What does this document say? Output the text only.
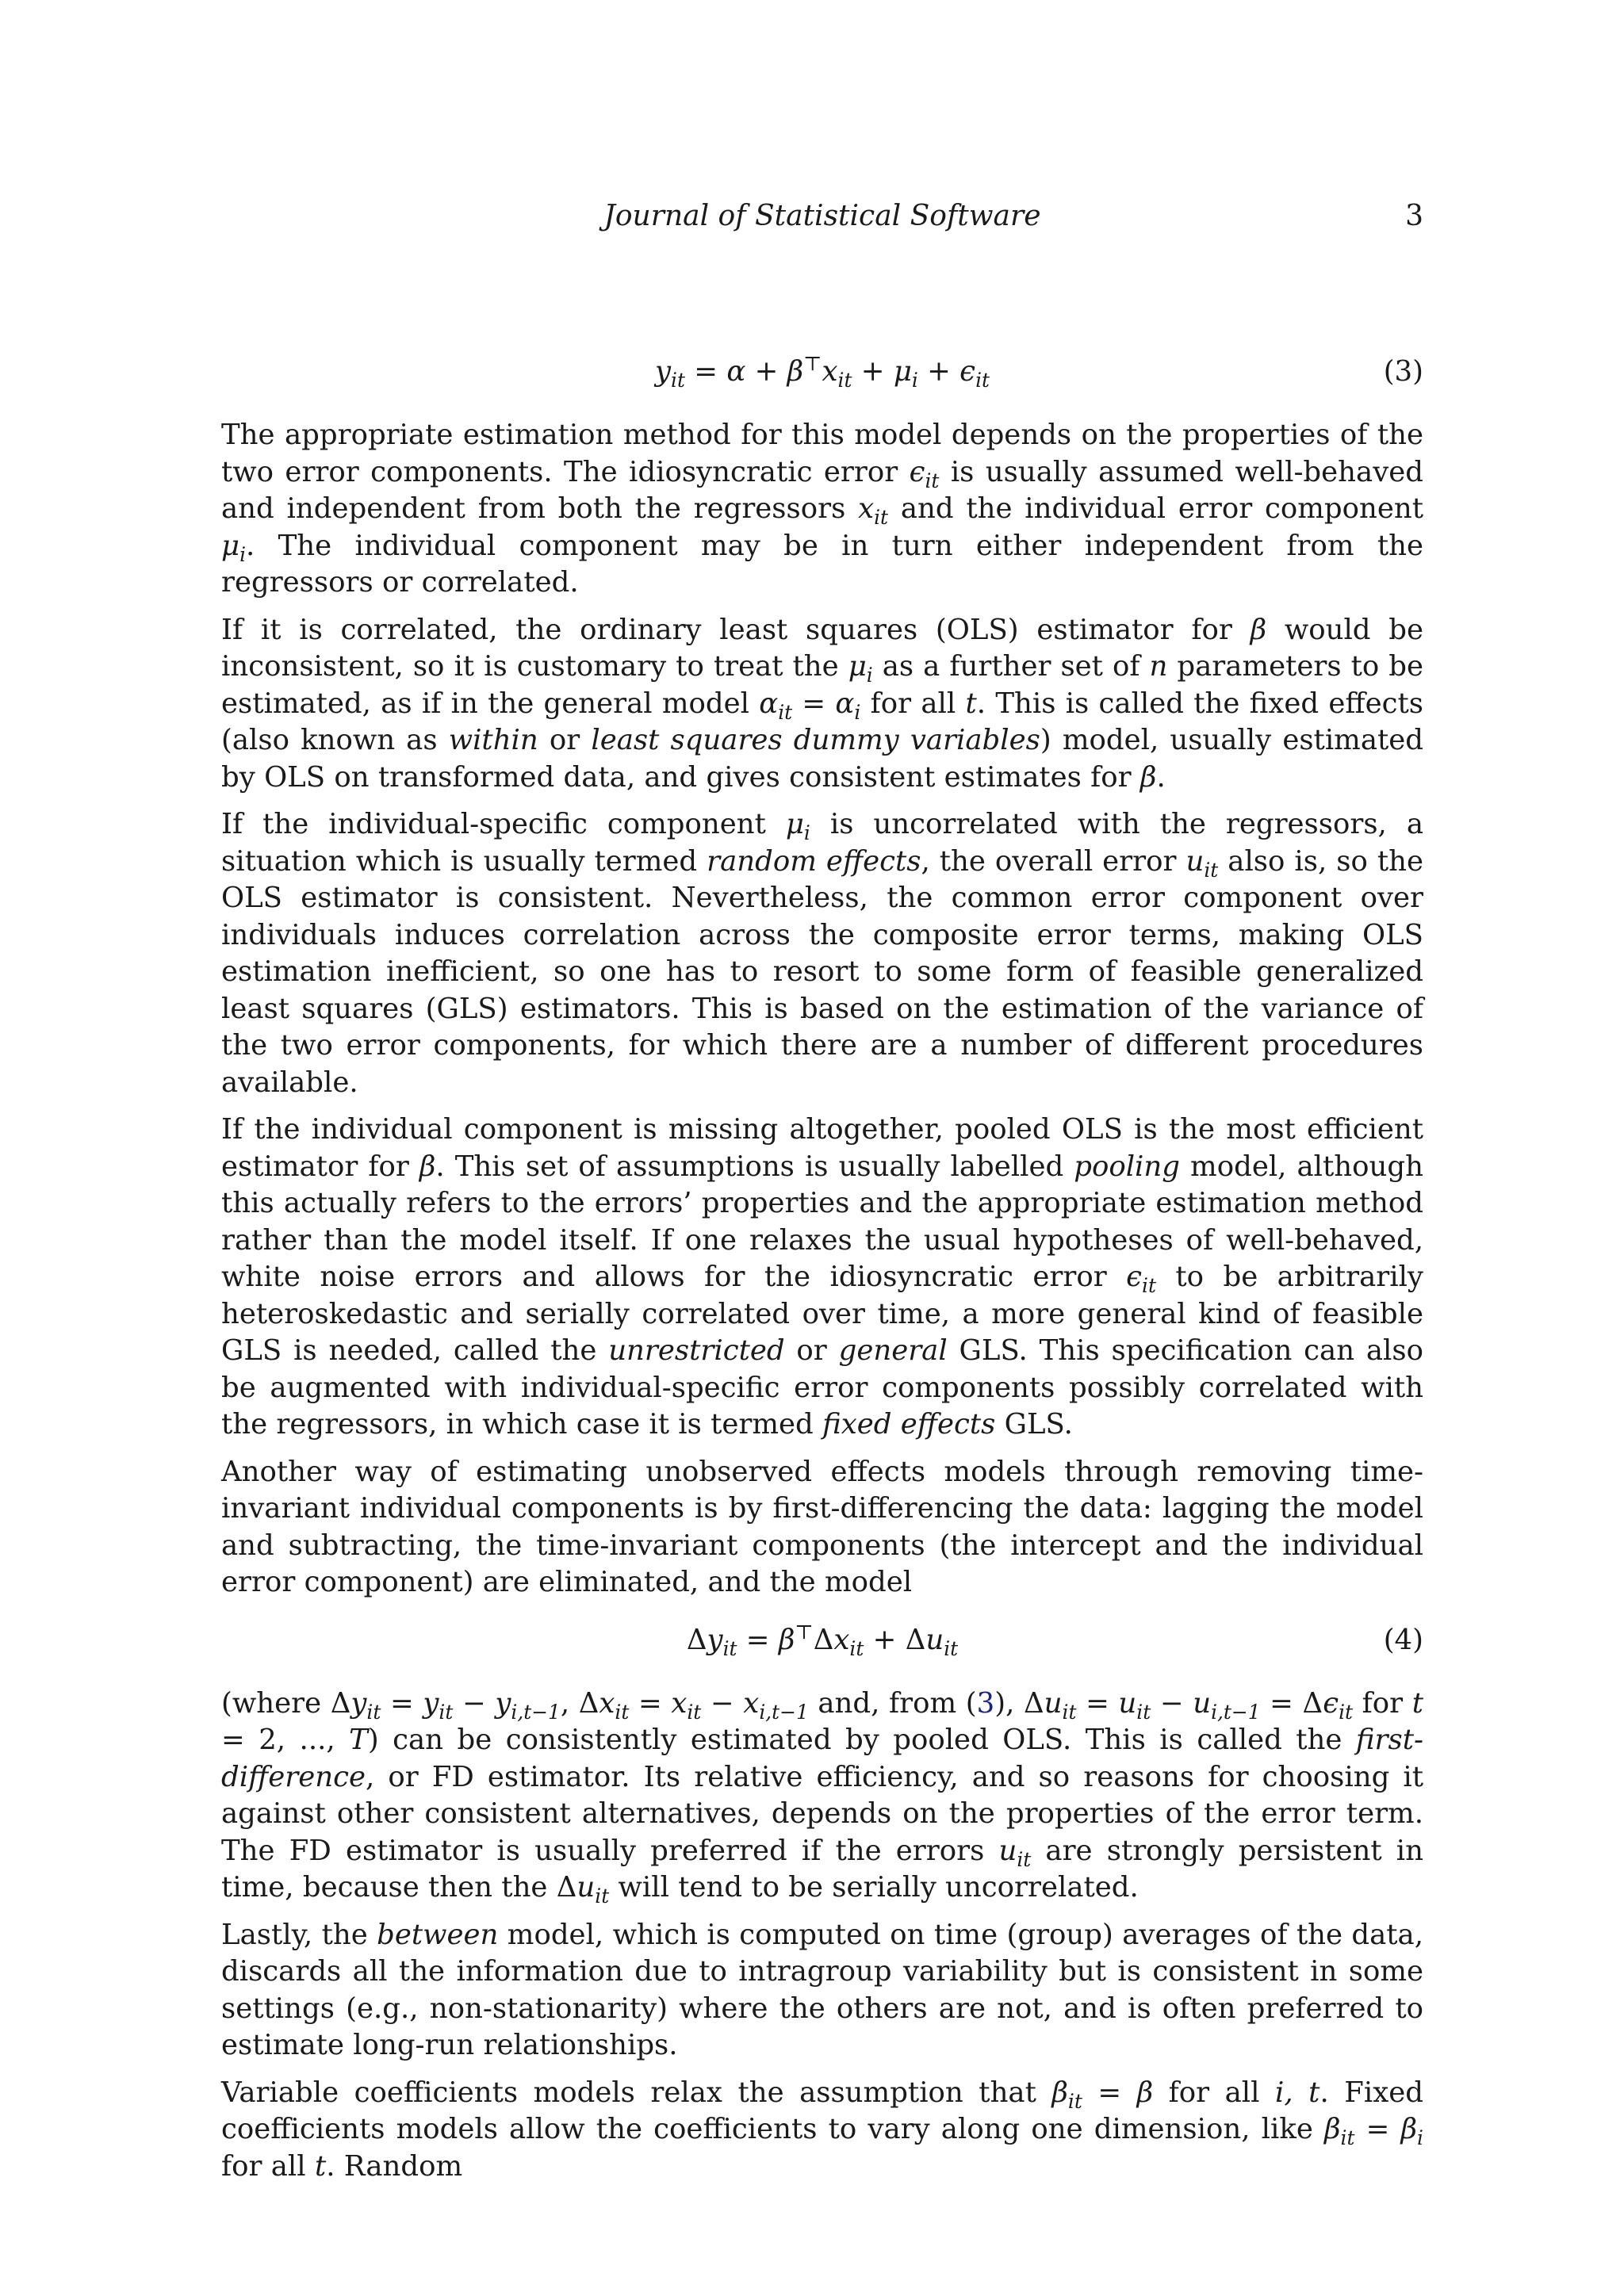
Journal of Statistical Software	3
$y_{it} = \alpha + \beta^⊤x_{it} + \mu_i + \epsilon_{it}$	(3)

The appropriate estimation method for this model depends on the properties of the two error components. The idiosyncratic error $\epsilon_{it}$ is usually assumed well-behaved and independent from both the regressors $x_{it}$ and the individual error component $\mu_i$. The individual component may be in turn either independent from the regressors or correlated.

If it is correlated, the ordinary least squares (OLS) estimator for β would be inconsistent, so it is customary to treat the $\mu_i$ as a further set of n parameters to be estimated, as if in the general model $\alpha_{it} = \alpha_i$ for all t. This is called the fixed effects (also known as within or least squares dummy variables) model, usually estimated by OLS on transformed data, and gives consistent estimates for β.

If the individual-specific component $\mu_i$ is uncorrelated with the regressors, a situation which is usually termed random effects, the overall error $u_{it}$ also is, so the OLS estimator is consistent. Nevertheless, the common error component over individuals induces correlation across the composite error terms, making OLS estimation inefficient, so one has to resort to some form of feasible generalized least squares (GLS) estimators. This is based on the estimation of the variance of the two error components, for which there are a number of different procedures available.

If the individual component is missing altogether, pooled OLS is the most efficient estimator for β. This set of assumptions is usually labelled pooling model, although this actually refers to the errors’ properties and the appropriate estimation method rather than the model itself. If one relaxes the usual hypotheses of well-behaved, white noise errors and allows for the idiosyncratic error $\epsilon_{it}$ to be arbitrarily heteroskedastic and serially correlated over time, a more general kind of feasible GLS is needed, called the unrestricted or general GLS. This specification can also be augmented with individual-specific error components possibly correlated with the regressors, in which case it is termed fixed effects GLS.

Another way of estimating unobserved effects models through removing time-invariant individual components is by first-differencing the data: lagging the model and subtracting, the time-invariant components (the intercept and the individual error component) are eliminated, and the model

$\Delta y_{it} = \beta^⊤\Delta x_{it} + \Delta u_{it}$	(4)

(where $\Delta y_{it} = y_{it} - y_{i,t-1}$, $\Delta x_{it} = x_{it} - x_{i,t-1}$ and, from (3), $\Delta u_{it} = u_{it} - u_{i,t-1} = \Delta\epsilon_{it}$ for t = 2, ..., T) can be consistently estimated by pooled OLS. This is called the first-difference, or FD estimator. Its relative efficiency, and so reasons for choosing it against other consistent alternatives, depends on the properties of the error term. The FD estimator is usually preferred if the errors $u_{it}$ are strongly persistent in time, because then the $\Delta u_{it}$ will tend to be serially uncorrelated.

Lastly, the between model, which is computed on time (group) averages of the data, discards all the information due to intragroup variability but is consistent in some settings (e.g., non-stationarity) where the others are not, and is often preferred to estimate long-run relationships.

Variable coefficients models relax the assumption that $\beta_{it} = \beta$ for all i, t. Fixed coefficients models allow the coefficients to vary along one dimension, like $\beta_{it} = \beta_i$ for all t. Random
